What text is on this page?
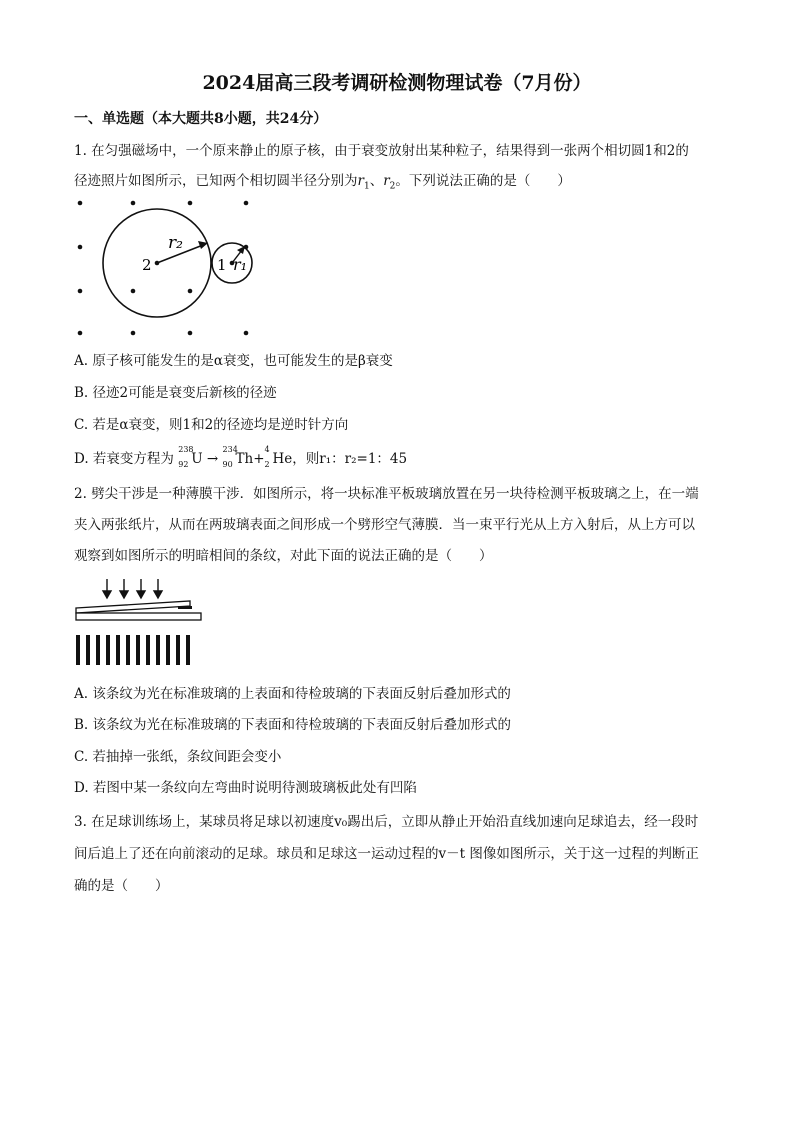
2024届高三段考调研检测物理试卷（7月份）
一、单选题（本大题共8小题，共24分）
1. 在匀强磁场中，一个原来静止的原子核，由于衰变放射出某种粒子，结果得到一张两个相切圆1和2的
径迹照片如图所示，已知两个相切圆半径分别为$r_1$、$r_2$。下列说法正确的是（　　）
r₂
2	1 r₁
A. 原子核可能发生的是α衰变，也可能发生的是β衰变
B. 径迹2可能是衰变后新核的径迹
C. 若是α衰变，则1和2的径迹均是逆时针方向
D. 若衰变方程为
238
92 U →
234
90 Th+
4
2 He，则r₁：r₂=1：45
2. 劈尖干涉是一种薄膜干涉．如图所示，将一块标准平板玻璃放置在另一块待检测平板玻璃之上，在一端
夹入两张纸片，从而在两玻璃表面之间形成一个劈形空气薄膜．当一束平行光从上方入射后，从上方可以
观察到如图所示的明暗相间的条纹，对此下面的说法正确的是（　　）
A. 该条纹为光在标准玻璃的上表面和待检玻璃的下表面反射后叠加形式的
B. 该条纹为光在标准玻璃的下表面和待检玻璃的下表面反射后叠加形式的
C. 若抽掉一张纸，条纹间距会变小
D. 若图中某一条纹向左弯曲时说明待测玻璃板此处有凹陷
3. 在足球训练场上，某球员将足球以初速度v₀踢出后，立即从静止开始沿直线加速向足球追去，经一段时
间后追上了还在向前滚动的足球。球员和足球这一运动过程的v－t 图像如图所示，关于这一过程的判断正
确的是（　　）
